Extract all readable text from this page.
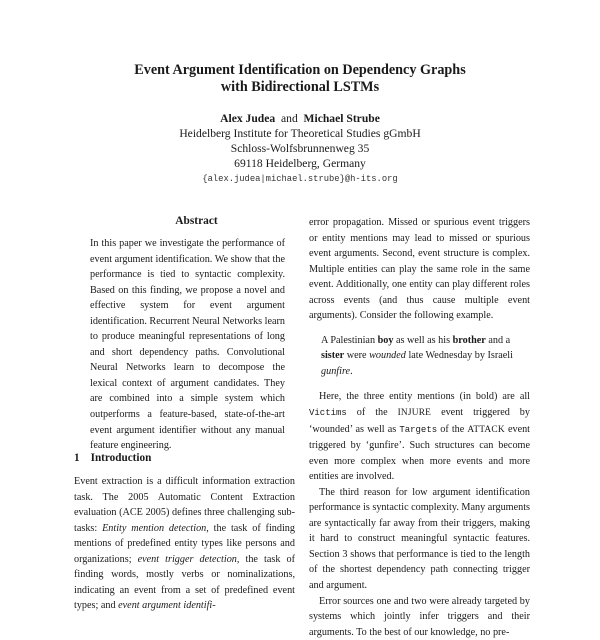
Event Argument Identification on Dependency Graphs
with Bidirectional LSTMs
Alex Judea and Michael Strube
Heidelberg Institute for Theoretical Studies gGmbH
Schloss-Wolfsbrunnenweg 35
69118 Heidelberg, Germany
{alex.judea|michael.strube}@h-its.org
Abstract

In this paper we investigate the performance of event argument identification. We show that the performance is tied to syntactic complexity. Based on this finding, we propose a novel and effective system for event argument identification. Recurrent Neural Networks learn to produce meaningful representations of long and short dependency paths. Convolutional Neural Networks learn to decompose the lexical context of argument candidates. They are combined into a simple system which outperforms a feature-based, state-of-the-art event argument identifier without any manual feature engineering.

1 Introduction

Event extraction is a difficult information extraction task. The 2005 Automatic Content Extraction evaluation (ACE 2005) defines three challenging sub-tasks: Entity mention detection, the task of finding mentions of predefined entity types like persons and organizations; event trigger detection, the task of finding words, mostly verbs or nominalizations, indicating an event from a set of predefined event types; and event argument identifi-

error propagation. Missed or spurious event triggers or entity mentions may lead to missed or spurious event arguments. Second, event structure is complex. Multiple entities can play the same role in the same event. Additionally, one entity can play different roles across events (and thus cause multiple event arguments). Consider the following example.

A Palestinian boy as well as his brother and a sister were wounded late Wednesday by Israeli gunfire.

Here, the three entity mentions (in bold) are all Victims of the INJURE event triggered by ‘wounded’ as well as Targets of the ATTACK event triggered by ‘gunfire’. Such structures can become even more complex when more events and more entities are involved.

The third reason for low argument identification performance is syntactic complexity. Many arguments are syntactically far away from their triggers, making it hard to construct meaningful syntactic features. Section 3 shows that performance is tied to the length of the shortest dependency path connecting trigger and argument.

Error sources one and two were already targeted by systems which jointly infer triggers and their arguments. To the best of our knowledge, no pre-
